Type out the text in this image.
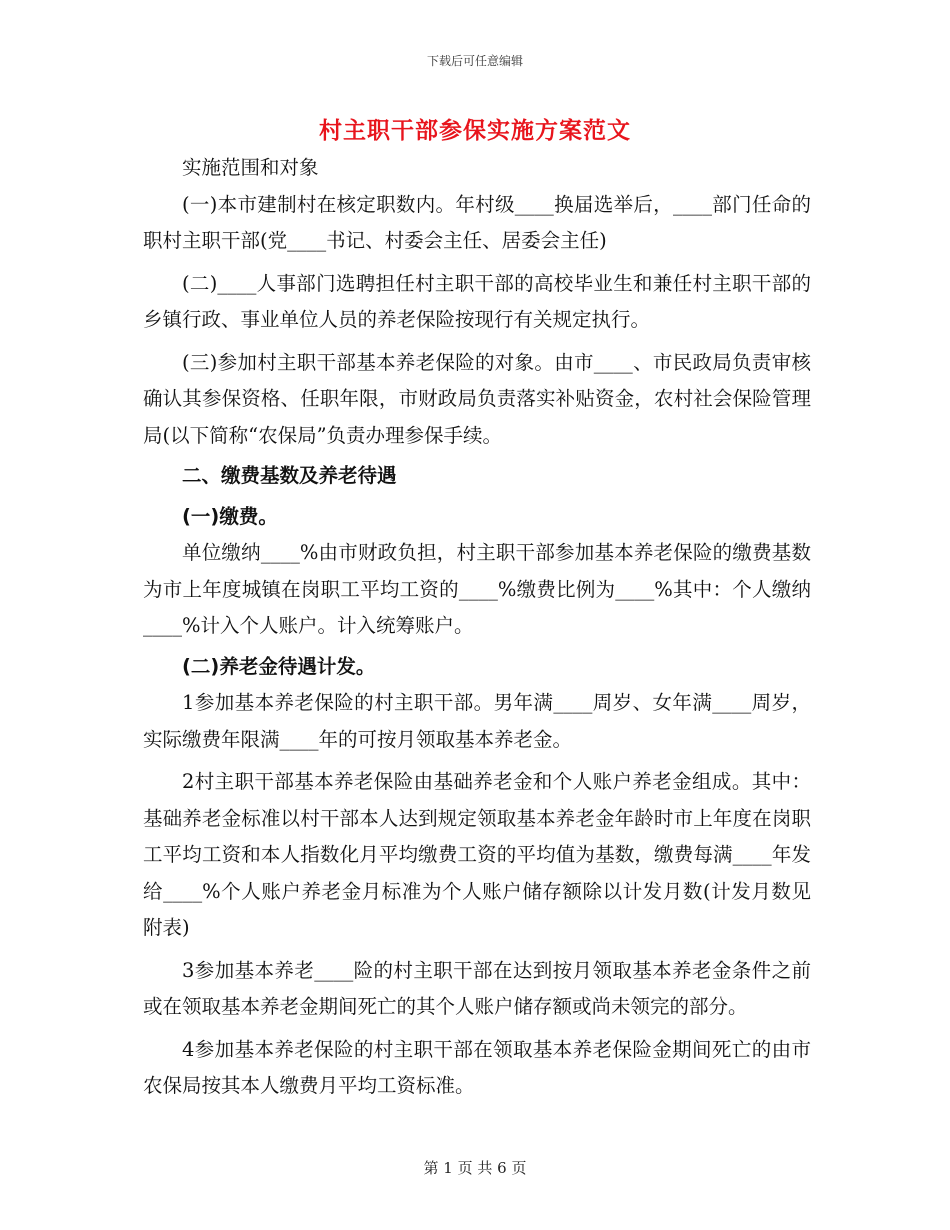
下载后可任意编辑
村主职干部参保实施方案范文

实施范围和对象

(一)本市建制村在核定职数内。年村级____换届选举后，____部门任命的职村主职干部(党____书记、村委会主任、居委会主任)

(二)____人事部门选聘担任村主职干部的高校毕业生和兼任村主职干部的乡镇行政、事业单位人员的养老保险按现行有关规定执行。

(三)参加村主职干部基本养老保险的对象。由市____、市民政局负责审核确认其参保资格、任职年限，市财政局负责落实补贴资金，农村社会保险管理局(以下简称“农保局”负责办理参保手续。

二、缴费基数及养老待遇

(一)缴费。

单位缴纳____%由市财政负担，村主职干部参加基本养老保险的缴费基数为市上年度城镇在岗职工平均工资的____%缴费比例为____%其中：个人缴纳____%计入个人账户。计入统筹账户。

(二)养老金待遇计发。

1参加基本养老保险的村主职干部。男年满____周岁、女年满____周岁，实际缴费年限满____年的可按月领取基本养老金。

2村主职干部基本养老保险由基础养老金和个人账户养老金组成。其中：基础养老金标准以村干部本人达到规定领取基本养老金年龄时市上年度在岗职工平均工资和本人指数化月平均缴费工资的平均值为基数，缴费每满____年发给____%个人账户养老金月标准为个人账户储存额除以计发月数(计发月数见附表)

3参加基本养老____险的村主职干部在达到按月领取基本养老金条件之前或在领取基本养老金期间死亡的其个人账户储存额或尚未领完的部分。

4参加基本养老保险的村主职干部在领取基本养老保险金期间死亡的由市农保局按其本人缴费月平均工资标准。

第 1 页 共 6 页
